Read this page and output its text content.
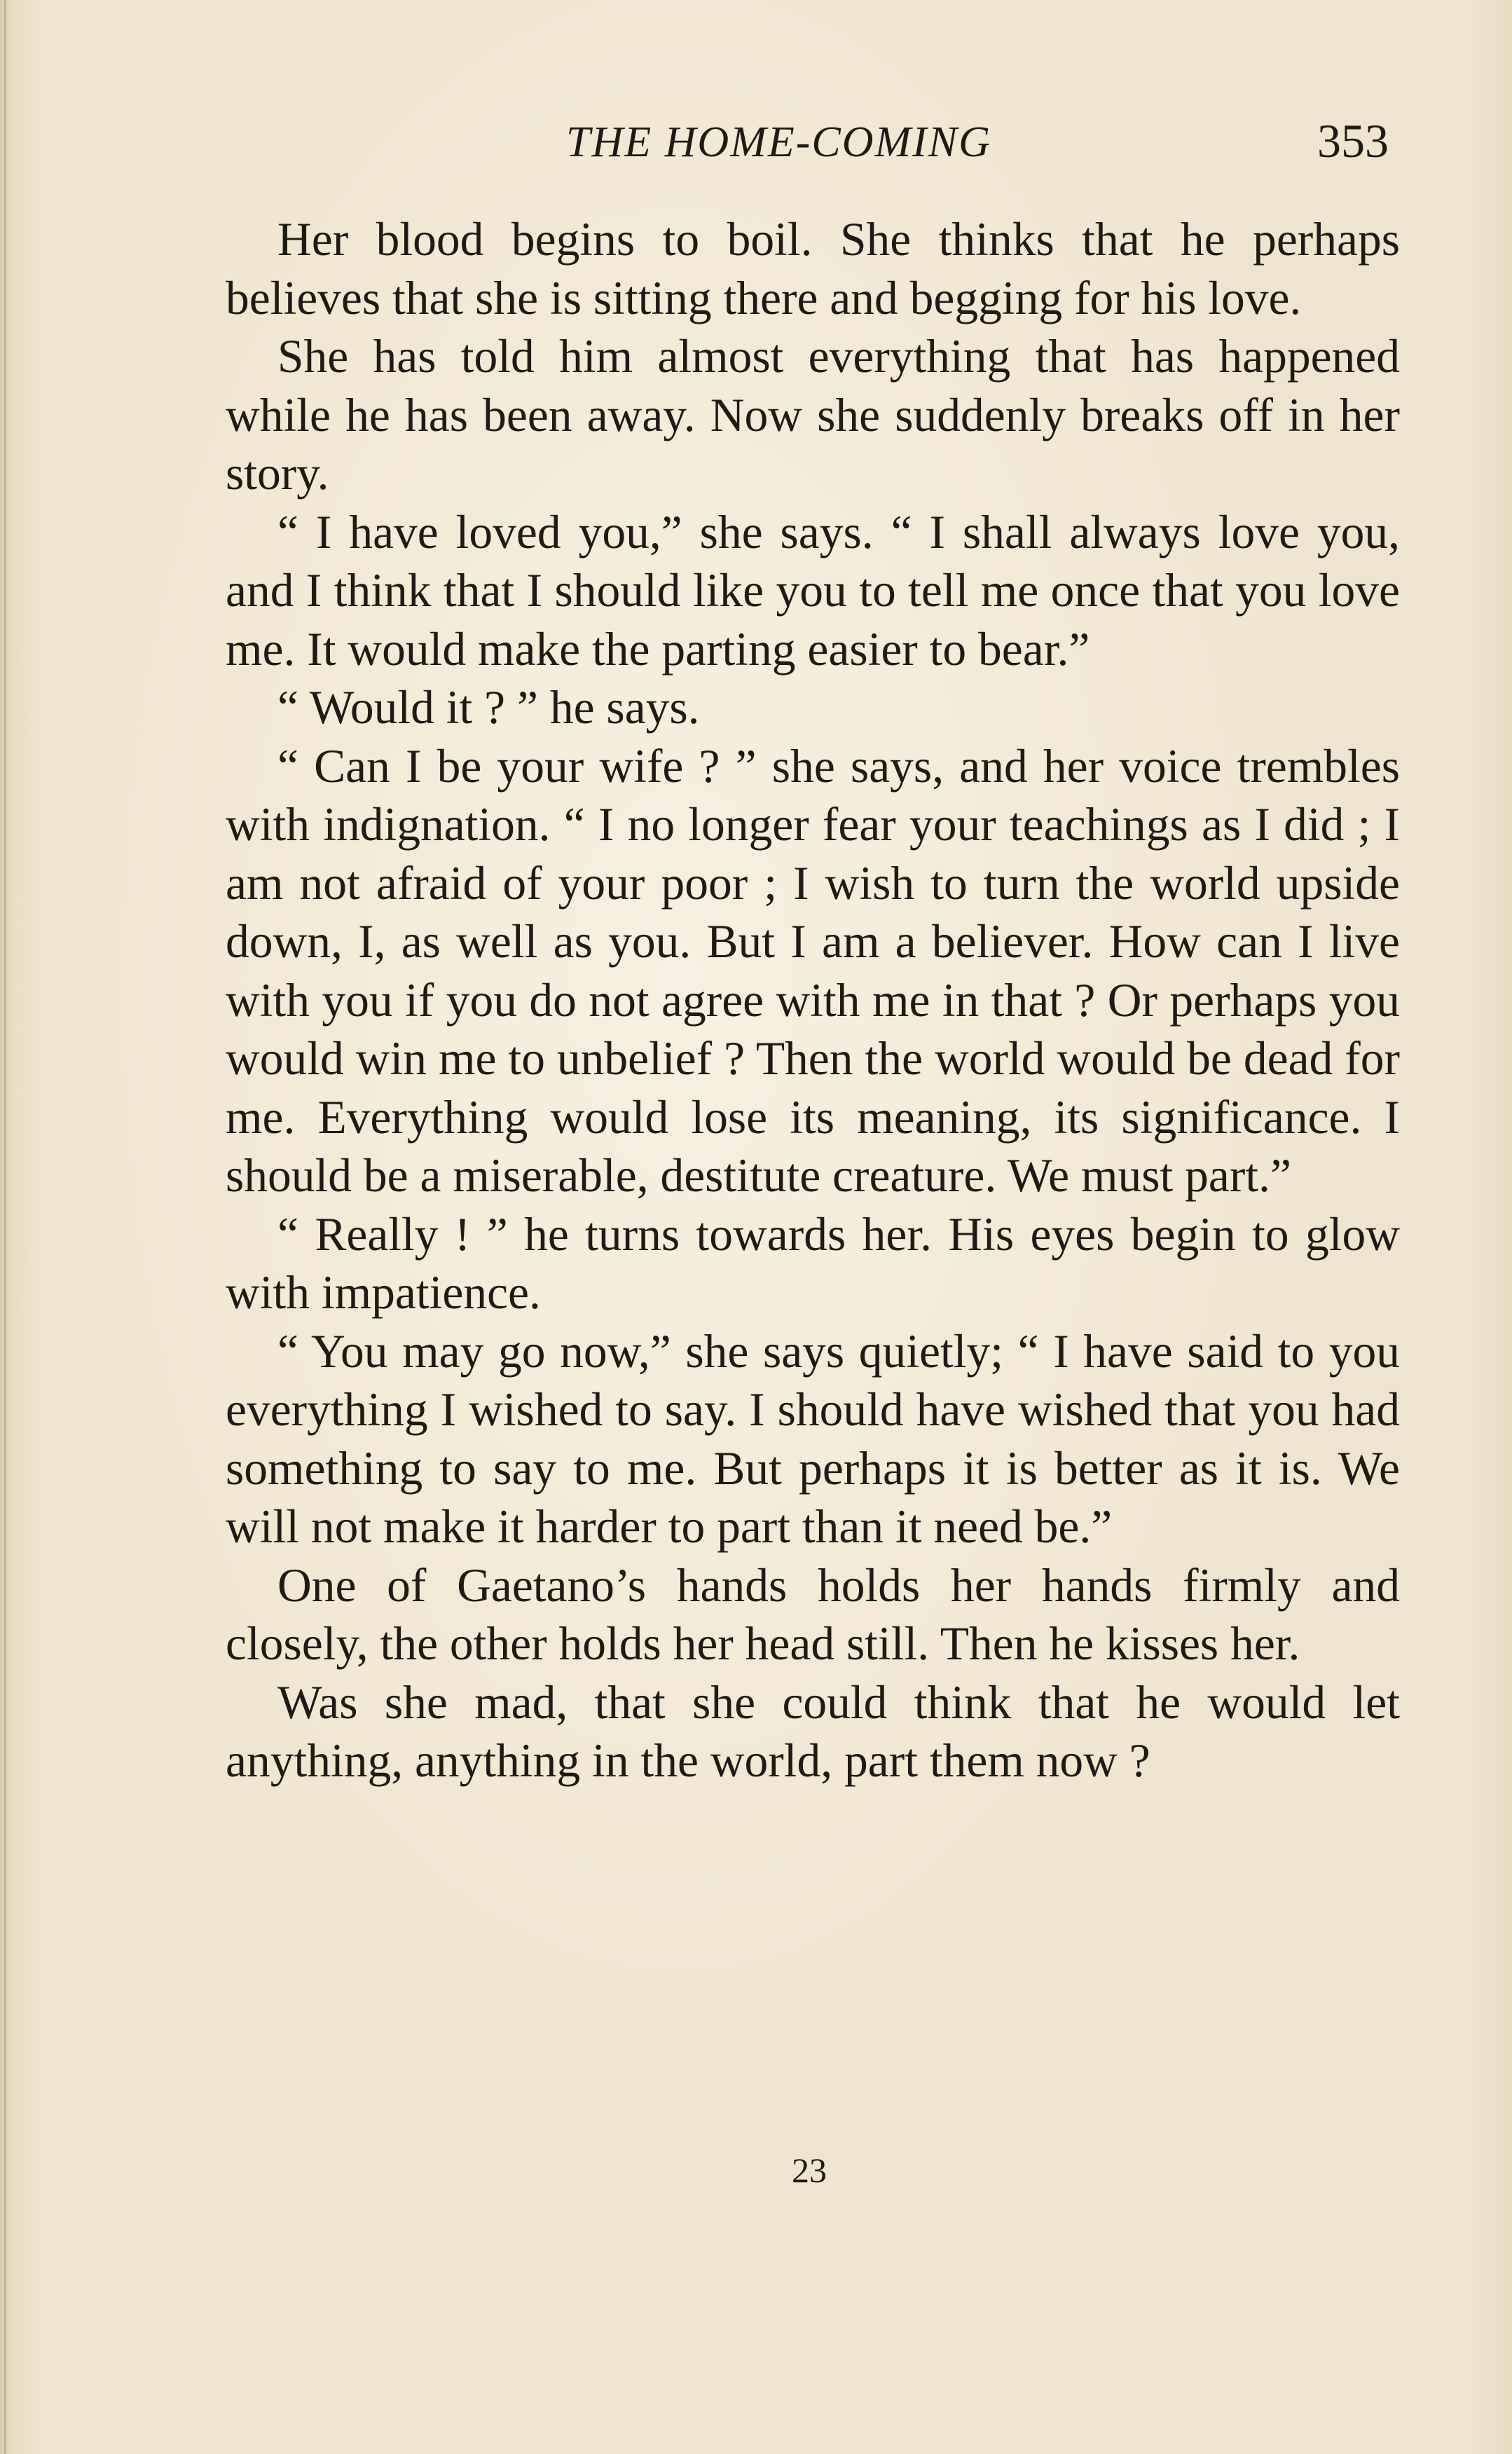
THE HOME-COMING	353

Her blood begins to boil. She thinks that he perhaps believes that she is sitting there and begging for his love.

She has told him almost everything that has happened while he has been away. Now she suddenly breaks off in her story.

“ I have loved you,” she says. “ I shall always love you, and I think that I should like you to tell me once that you love me. It would make the parting easier to bear.”

“ Would it ? ” he says.

“ Can I be your wife ? ” she says, and her voice trembles with indignation. “ I no longer fear your teachings as I did ; I am not afraid of your poor ; I wish to turn the world upside down, I, as well as you. But I am a believer. How can I live with you if you do not agree with me in that ? Or perhaps you would win me to unbelief ? Then the world would be dead for me. Everything would lose its meaning, its significance. I should be a miserable, destitute creature. We must part.”

“ Really ! ” he turns towards her. His eyes begin to glow with impatience.

“ You may go now,” she says quietly; “ I have said to you everything I wished to say. I should have wished that you had something to say to me. But perhaps it is better as it is. We will not make it harder to part than it need be.”

One of Gaetano’s hands holds her hands firmly and closely, the other holds her head still. Then he kisses her.

Was she mad, that she could think that he would let anything, anything in the world, part them now ?

23
